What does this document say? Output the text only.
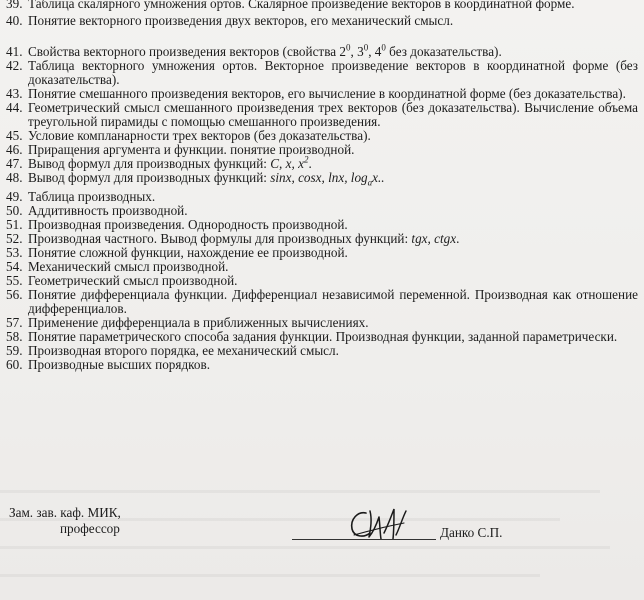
39. Таблица скалярного умножения ортов. Скалярное произведение векторов в координатной форме.

40. Понятие векторного произведения двух векторов, его механический смысл.

41. Свойства векторного произведения векторов (свойства $2^0$, $3^0$, $4^0$ без доказательства).

42. Таблица векторного умножения ортов. Векторное произведение векторов в координатной форме (без доказательства).

43. Понятие смешанного произведения векторов, его вычисление в координатной форме (без доказательства).

44. Геометрический смысл смешанного произведения трех векторов (без доказательства). Вычисление объема треугольной пирамиды с помощью смешанного произведения.

45. Условие компланарности трех векторов (без доказательства).

46. Приращения аргумента и функции. понятие производной.

47. Вывод формул для производных функций: C, x, $x^2$.

48. Вывод формул для производных функций: sinx, cosx, lnx, $\log_ax$..

49. Таблица производных.

50. Аддитивность производной.

51. Производная произведения. Однородность производной.

52. Производная частного. Вывод формулы для производных функций: tgx, ctgx.

53. Понятие сложной функции, нахождение ее производной.

54. Механический смысл производной.

55. Геометрический смысл производной.

56. Понятие дифференциала функции. Дифференциал независимой переменной. Производная как отношение дифференциалов.

57. Применение дифференциала в приближенных вычислениях.

58. Понятие параметрического способа задания функции. Производная функции, заданной параметрически.

59. Производная второго порядка, ее механический смысл.

60. Производные высших порядков.

Зам. зав. каф. МИК,
профессор	Данко С.П.
